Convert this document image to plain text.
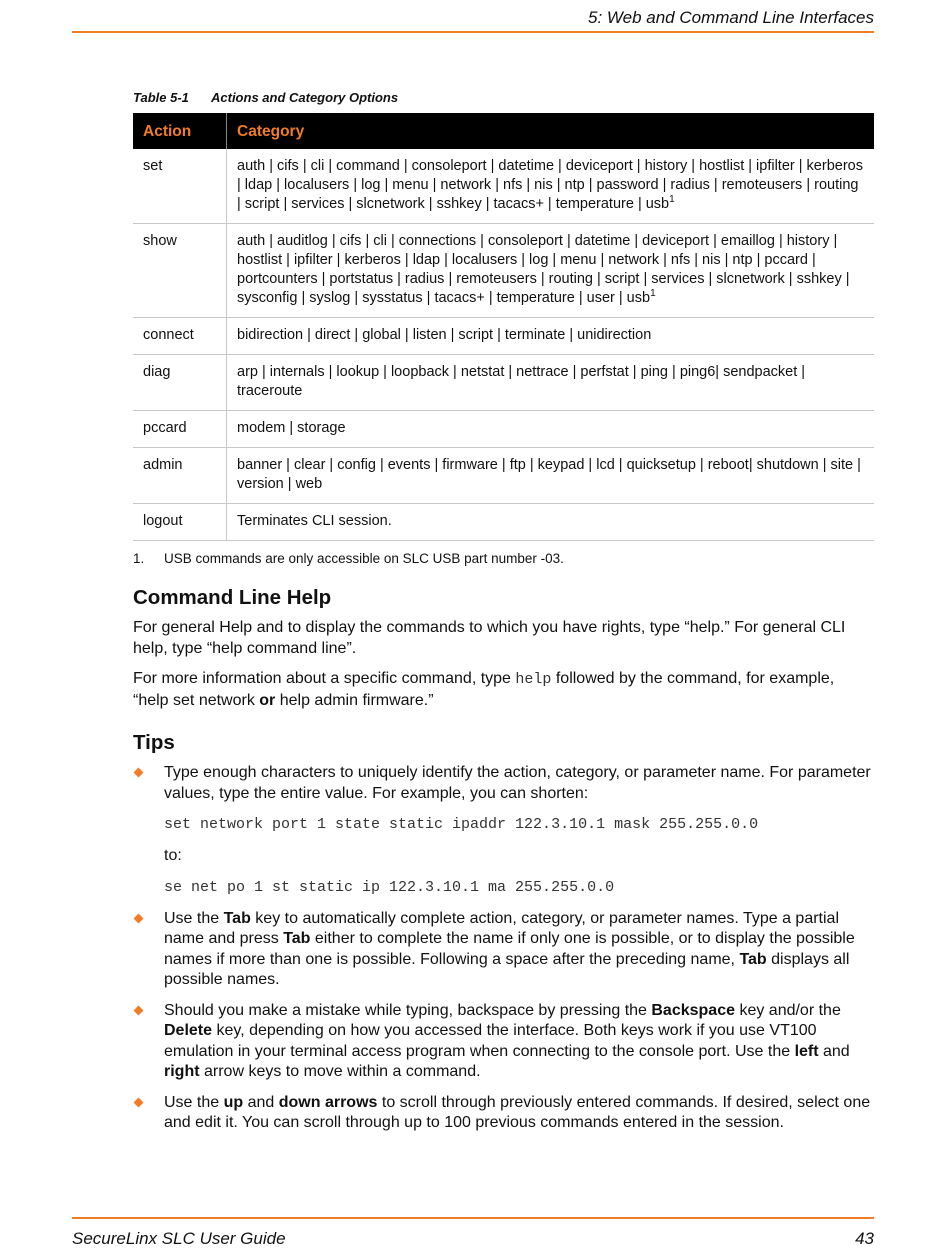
5: Web and Command Line Interfaces
Table 5-1 Actions and Category Options
Action	Category
set	auth | cifs | cli | command | consoleport | datetime | deviceport | history | hostlist | ipfilter | kerberos | ldap | localusers | log | menu | network | nfs | nis | ntp | password | radius | remoteusers | routing | script | services | slcnetwork | sshkey | tacacs+ | temperature | usb$^1$
show	auth | auditlog | cifs | cli | connections | consoleport | datetime | deviceport | emaillog | history | hostlist | ipfilter | kerberos | ldap | localusers | log | menu | network | nfs | nis | ntp | pccard | portcounters | portstatus | radius | remoteusers | routing | script | services | slcnetwork | sshkey | sysconfig | syslog | sysstatus | tacacs+ | temperature | user | usb$^1$
connect	bidirection | direct | global | listen | script | terminate | unidirection
diag	arp | internals | lookup | loopback | netstat | nettrace | perfstat | ping | ping6| sendpacket | traceroute
pccard	modem | storage
admin	banner | clear | config | events | firmware | ftp | keypad | lcd | quicksetup | reboot| shutdown | site | version | web
logout	Terminates CLI session.
1.	USB commands are only accessible on SLC USB part number -03.
Command Line Help

For general Help and to display the commands to which you have rights, type “help.” For general CLI help, type “help command line”.

For more information about a specific command, type help followed by the command, for example, “help set network or help admin firmware.”

Tips
Type enough characters to uniquely identify the action, category, or parameter name. For parameter values, type the entire value. For example, you can shorten:
set network port 1 state static ipaddr 122.3.10.1 mask 255.255.0.0
to:
se net po 1 st static ip 122.3.10.1 ma 255.255.0.0
Use the Tab key to automatically complete action, category, or parameter names. Type a partial name and press Tab either to complete the name if only one is possible, or to display the possible names if more than one is possible. Following a space after the preceding name, Tab displays all possible names.
Should you make a mistake while typing, backspace by pressing the Backspace key and/or the Delete key, depending on how you accessed the interface. Both keys work if you use VT100 emulation in your terminal access program when connecting to the console port. Use the left and right arrow keys to move within a command.
Use the up and down arrows to scroll through previously entered commands. If desired, select one and edit it. You can scroll through up to 100 previous commands entered in the session.
SecureLinx SLC User Guide	43
